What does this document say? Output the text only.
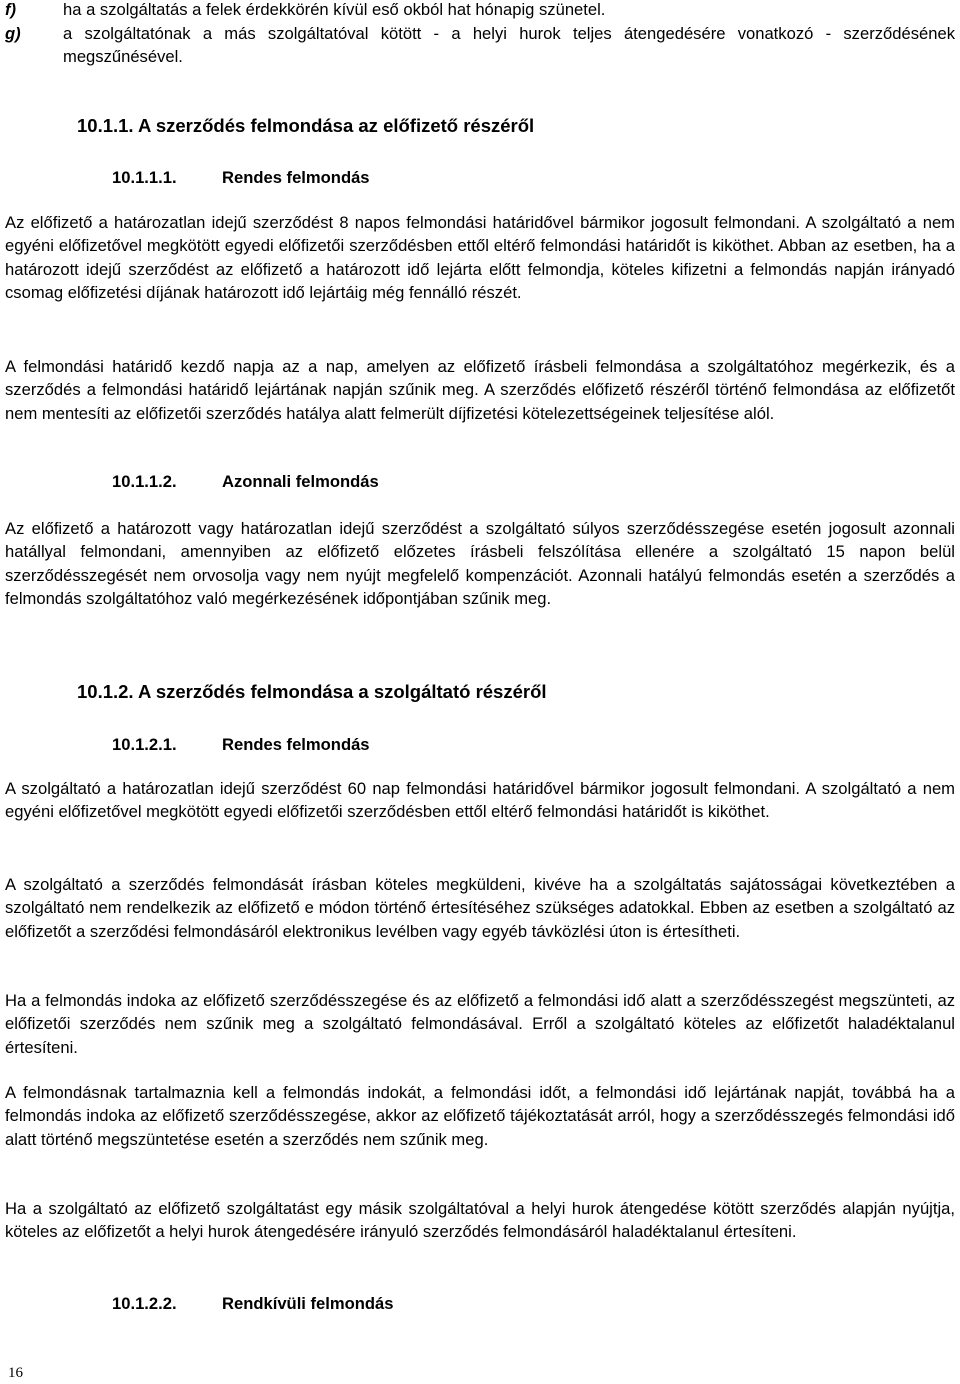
f)	ha a szolgáltatás a felek érdekkörén kívül eső okból hat hónapig szünetel.
g)	a szolgáltatónak a más szolgáltatóval kötött - a helyi hurok teljes átengedésére vonatkozó - szerződésének megszűnésével.
10.1.1. A szerződés felmondása az előfizető részéről
10.1.1.1.	Rendes felmondás

Az előfizető a határozatlan idejű szerződést 8 napos felmondási határidővel bármikor jogosult felmondani. A szolgáltató a nem egyéni előfizetővel megkötött egyedi előfizetői szerződésben ettől eltérő felmondási határidőt is kiköthet. Abban az esetben, ha a határozott idejű szerződést az előfizető a határozott idő lejárta előtt felmondja, köteles kifizetni a felmondás napján irányadó csomag előfizetési díjának határozott idő lejártáig még fennálló részét.

A felmondási határidő kezdő napja az a nap, amelyen az előfizető írásbeli felmondása a szolgáltatóhoz megérkezik, és a szerződés a felmondási határidő lejártának napján szűnik meg. A szerződés előfizető részéről történő felmondása az előfizetőt nem mentesíti az előfizetői szerződés hatálya alatt felmerült díjfizetési kötelezettségeinek teljesítése alól.

10.1.1.2.	Azonnali felmondás

Az előfizető a határozott vagy határozatlan idejű szerződést a szolgáltató súlyos szerződésszegése esetén jogosult azonnali hatállyal felmondani, amennyiben az előfizető előzetes írásbeli felszólítása ellenére a szolgáltató 15 napon belül szerződésszegését nem orvosolja vagy nem nyújt megfelelő kompenzációt. Azonnali hatályú felmondás esetén a szerződés a felmondás szolgáltatóhoz való megérkezésének időpontjában szűnik meg.

10.1.2. A szerződés felmondása a szolgáltató részéről
10.1.2.1.	Rendes felmondás

A szolgáltató a határozatlan idejű szerződést 60 nap felmondási határidővel bármikor jogosult felmondani. A szolgáltató a nem egyéni előfizetővel megkötött egyedi előfizetői szerződésben ettől eltérő felmondási határidőt is kiköthet.

A szolgáltató a szerződés felmondását írásban köteles megküldeni, kivéve ha a szolgáltatás sajátosságai következtében a szolgáltató nem rendelkezik az előfizető e módon történő értesítéséhez szükséges adatokkal. Ebben az esetben a szolgáltató az előfizetőt a szerződési felmondásáról elektronikus levélben vagy egyéb távközlési úton is értesítheti.

Ha a felmondás indoka az előfizető szerződésszegése és az előfizető a felmondási idő alatt a szerződésszegést megszünteti, az előfizetői szerződés nem szűnik meg a szolgáltató felmondásával. Erről a szolgáltató köteles az előfizetőt haladéktalanul értesíteni.

A felmondásnak tartalmaznia kell a felmondás indokát, a felmondási időt, a felmondási idő lejártának napját, továbbá ha a felmondás indoka az előfizető szerződésszegése, akkor az előfizető tájékoztatását arról, hogy a szerződésszegés felmondási idő alatt történő megszüntetése esetén a szerződés nem szűnik meg.

Ha a szolgáltató az előfizető szolgáltatást egy másik szolgáltatóval a helyi hurok átengedése kötött szerződés alapján nyújtja, köteles az előfizetőt a helyi hurok átengedésére irányuló szerződés felmondásáról haladéktalanul értesíteni.

10.1.2.2.	Rendkívüli felmondás
16
